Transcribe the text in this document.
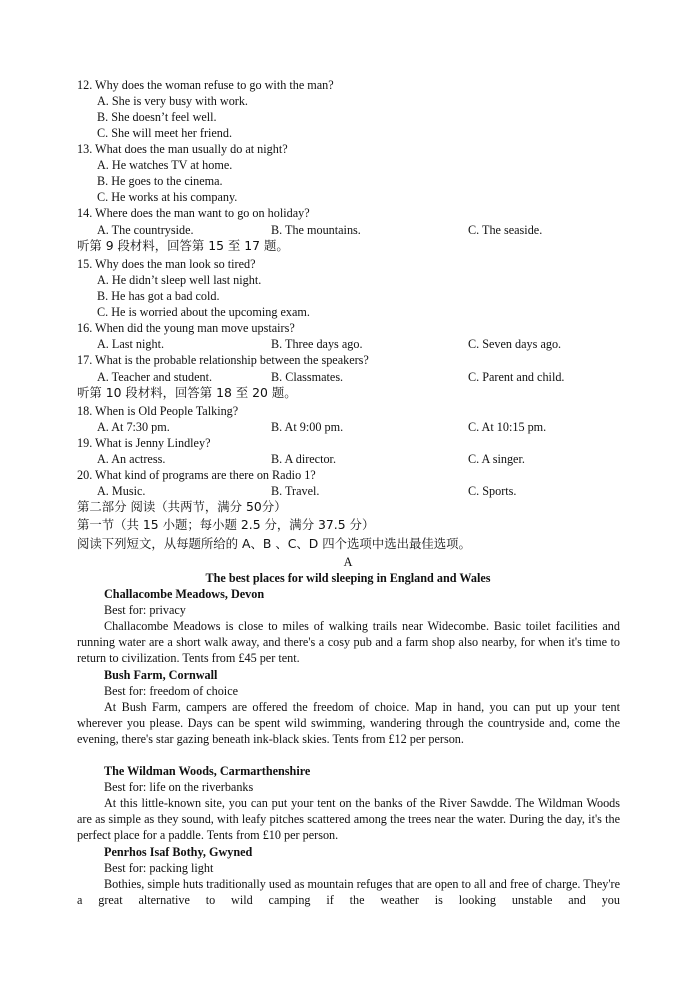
12. Why does the woman refuse to go with the man?
A. She is very busy with work.
B. She doesn’t feel well.
C. She will meet her friend.
13. What does the man usually do at night?
A. He watches TV at home.
B. He goes to the cinema.
C. He works at his company.
14. Where does the man want to go on holiday?
A. The countryside.	B. The mountains.	C. The seaside.
听第 9 段材料，回答第 15 至 17 题。
15. Why does the man look so tired?
A. He didn’t sleep well last night.
B. He has got a bad cold.
C. He is worried about the upcoming exam.
16. When did the young man move upstairs?
A. Last night.	B. Three days ago.	C. Seven days ago.
17. What is the probable relationship between the speakers?
A. Teacher and student.	B. Classmates.	C. Parent and child.
听第 10 段材料，回答第 18 至 20 题。
18. When is Old People Talking?
A. At 7:30 pm.	B. At 9:00 pm.	C. At 10:15 pm.
19. What is Jenny Lindley?
A. An actress.	B. A director.	C. A singer.
20. What kind of programs are there on Radio 1?
A. Music.	B. Travel.	C. Sports.
第二部分 阅读（共两节，满分 50分）
第一节（共 15 小题；每小题 2.5 分，满分 37.5 分）
阅读下列短文，从每题所给的 A、B 、C、D 四个选项中选出最佳选项。
A
The best places for wild sleeping in England and Wales
Challacombe Meadows, Devon
Best for: privacy

Challacombe Meadows is close to miles of walking trails near Widecombe. Basic toilet facilities and running water are a short walk away, and there's a cosy pub and a farm shop also nearby, for when it's time to return to civilization. Tents from £45 per tent.

Bush Farm, Cornwall
Best for: freedom of choice

At Bush Farm, campers are offered the freedom of choice. Map in hand, you can put up your tent wherever you please. Days can be spent wild swimming, wandering through the countryside and, come the evening, there's star gazing beneath ink-black skies. Tents from £12 per person.

The Wildman Woods, Carmarthenshire
Best for: life on the riverbanks

At this little-known site, you can put your tent on the banks of the River Sawdde. The Wildman Woods are as simple as they sound, with leafy pitches scattered among the trees near the water. During the day, it's the perfect place for a paddle. Tents from £10 per person.

Penrhos Isaf Bothy, Gwyned
Best for: packing light

Bothies, simple huts traditionally used as mountain refuges that are open to all and free of charge. They're a great alternative to wild camping if the weather is looking unstable and you
